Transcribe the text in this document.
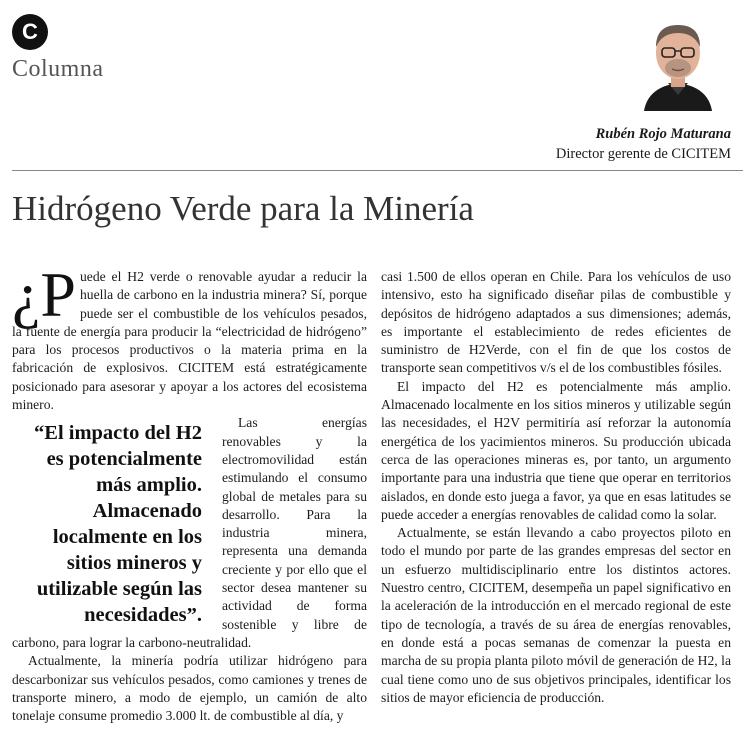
C
Columna
Rubén Rojo Maturana
Director gerente de CICITEM
Hidrógeno Verde para la Minería

¿P uede el H2 verde o renovable ayudar a reducir la huella de carbono en la industria minera? Sí, porque puede ser el combustible de los vehículos pesados, la fuente de energía para producir la “electricidad de hidrógeno” para los procesos productivos o la materia prima en la fabricación de explosivos. CICITEM está estratégicamente posicionado para asesorar y apoyar a los actores del ecosistema minero.

“El impacto del H2 es potencialmente más amplio. Almacenado localmente en los sitios mineros y utilizable según las necesidades”.

Las energías renovables y la electromovilidad están estimulando el consumo global de metales para su desarrollo. Para la industria minera, representa una demanda creciente y por ello que el sector desea mantener su actividad de forma sostenible y libre de carbono, para lograr la carbono-neutralidad.

Actualmente, la minería podría utilizar hidrógeno para descarbonizar sus vehículos pesados, como camiones y trenes de transporte minero, a modo de ejemplo, un camión de alto tonelaje consume promedio 3.000 lt. de combustible al día, y

casi 1.500 de ellos operan en Chile. Para los vehículos de uso intensivo, esto ha significado diseñar pilas de combustible y depósitos de hidrógeno adaptados a sus dimensiones; además, es importante el establecimiento de redes eficientes de suministro de H2Verde, con el fin de que los costos de transporte sean competitivos v/s el de los combustibles fósiles.

El impacto del H2 es potencialmente más amplio. Almacenado localmente en los sitios mineros y utilizable según las necesidades, el H2V permitiría así reforzar la autonomía energética de los yacimientos mineros. Su producción ubicada cerca de las operaciones mineras es, por tanto, un argumento importante para una industria que tiene que operar en territorios aislados, en donde esto juega a favor, ya que en esas latitudes se puede acceder a energías renovables de calidad como la solar.

Actualmente, se están llevando a cabo proyectos piloto en todo el mundo por parte de las grandes empresas del sector en un esfuerzo multidisciplinario entre los distintos actores. Nuestro centro, CICITEM, desempeña un papel significativo en la aceleración de la introducción en el mercado regional de este tipo de tecnología, a través de su área de energías renovables, en donde está a pocas semanas de comenzar la puesta en marcha de su propia planta piloto móvil de generación de H2, la cual tiene como uno de sus objetivos principales, identificar los sitios de mayor eficiencia de producción.
